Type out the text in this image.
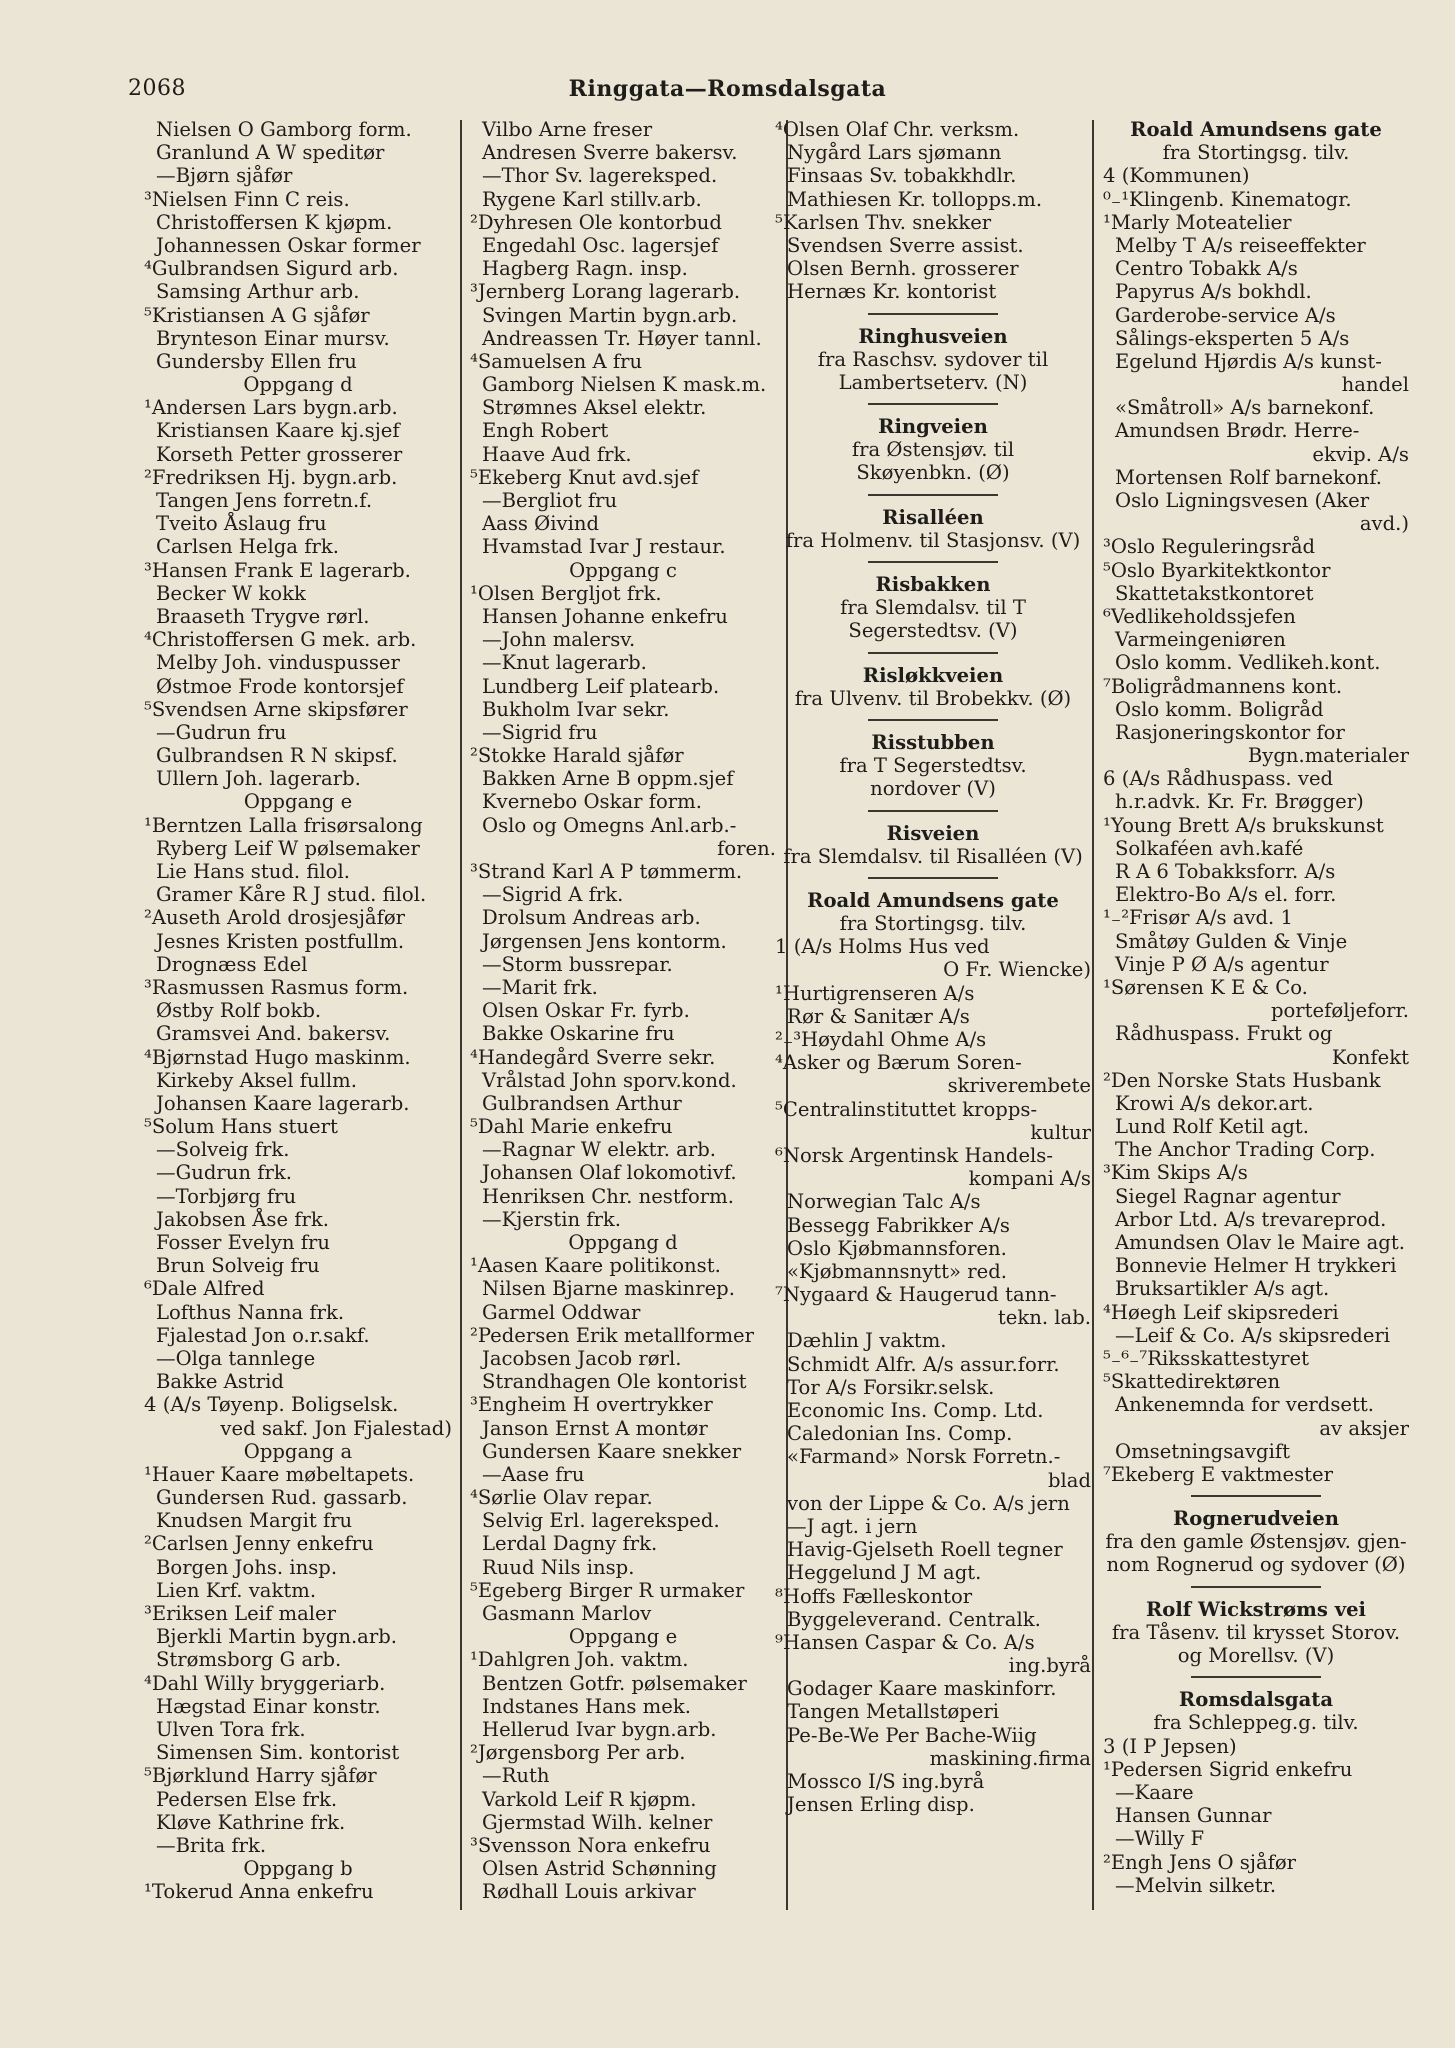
2068	Ringgata—Romsdalsgata
Nielsen O Gamborg form.
Granlund A W speditør
—Bjørn sjåfør
³Nielsen Finn C reis.
Christoffersen K kjøpm.
Johannessen Oskar former
⁴Gulbrandsen Sigurd arb.
Samsing Arthur arb.
⁵Kristiansen A G sjåfør
Brynteson Einar mursv.
Gundersby Ellen fru
Oppgang d
¹Andersen Lars bygn.arb.
Kristiansen Kaare kj.sjef
Korseth Petter grosserer
²Fredriksen Hj. bygn.arb.
Tangen Jens forretn.f.
Tveito Åslaug fru
Carlsen Helga frk.
³Hansen Frank E lagerarb.
Becker W kokk
Braaseth Trygve rørl.
⁴Christoffersen G mek. arb.
Melby Joh. vinduspusser
Østmoe Frode kontorsjef
⁵Svendsen Arne skipsfører
—Gudrun fru
Gulbrandsen R N skipsf.
Ullern Joh. lagerarb.
Oppgang e
¹Berntzen Lalla frisørsalong
Ryberg Leif W pølsemaker
Lie Hans stud. filol.
Gramer Kåre R J stud. filol.
²Auseth Arold drosjesjåfør
Jesnes Kristen postfullm.
Drognæss Edel
³Rasmussen Rasmus form.
Østby Rolf bokb.
Gramsvei And. bakersv.
⁴Bjørnstad Hugo maskinm.
Kirkeby Aksel fullm.
Johansen Kaare lagerarb.
⁵Solum Hans stuert
—Solveig frk.
—Gudrun frk.
—Torbjørg fru
Jakobsen Åse frk.
Fosser Evelyn fru
Brun Solveig fru
⁶Dale Alfred
Lofthus Nanna frk.
Fjalestad Jon o.r.sakf.
—Olga tannlege
Bakke Astrid
4 (A/s Tøyenp. Boligselsk.
ved sakf. Jon Fjalestad)
Oppgang a
¹Hauer Kaare møbeltapets.
Gundersen Rud. gassarb.
Knudsen Margit fru
²Carlsen Jenny enkefru
Borgen Johs. insp.
Lien Krf. vaktm.
³Eriksen Leif maler
Bjerkli Martin bygn.arb.
Strømsborg G arb.
⁴Dahl Willy bryggeriarb.
Hægstad Einar konstr.
Ulven Tora frk.
Simensen Sim. kontorist
⁵Bjørklund Harry sjåfør
Pedersen Else frk.
Kløve Kathrine frk.
—Brita frk.
Oppgang b
¹Tokerud Anna enkefru
Vilbo Arne freser
Andresen Sverre bakersv.
—Thor Sv. lagereksped.
Rygene Karl stillv.arb.
²Dyhresen Ole kontorbud
Engedahl Osc. lagersjef
Hagberg Ragn. insp.
³Jernberg Lorang lagerarb.
Svingen Martin bygn.arb.
Andreassen Tr. Høyer tannl.
⁴Samuelsen A fru
Gamborg Nielsen K mask.m.
Strømnes Aksel elektr.
Engh Robert
Haave Aud frk.
⁵Ekeberg Knut avd.sjef
—Bergliot fru
Aass Øivind
Hvamstad Ivar J restaur.
Oppgang c
¹Olsen Bergljot frk.
Hansen Johanne enkefru
—John malersv.
—Knut lagerarb.
Lundberg Leif platearb.
Bukholm Ivar sekr.
—Sigrid fru
²Stokke Harald sjåfør
Bakken Arne B oppm.sjef
Kvernebo Oskar form.
Oslo og Omegns Anl.arb.-
foren.
³Strand Karl A P tømmerm.
—Sigrid A frk.
Drolsum Andreas arb.
Jørgensen Jens kontorm.
—Storm bussrepar.
—Marit frk.
Olsen Oskar Fr. fyrb.
Bakke Oskarine fru
⁴Handegård Sverre sekr.
Vrålstad John sporv.kond.
Gulbrandsen Arthur
⁵Dahl Marie enkefru
—Ragnar W elektr. arb.
Johansen Olaf lokomotivf.
Henriksen Chr. nestform.
—Kjerstin frk.
Oppgang d
¹Aasen Kaare politikonst.
Nilsen Bjarne maskinrep.
Garmel Oddwar
²Pedersen Erik metallformer
Jacobsen Jacob rørl.
Strandhagen Ole kontorist
³Engheim H overtrykker
Janson Ernst A montør
Gundersen Kaare snekker
—Aase fru
⁴Sørlie Olav repar.
Selvig Erl. lagereksped.
Lerdal Dagny frk.
Ruud Nils insp.
⁵Egeberg Birger R urmaker
Gasmann Marlov
Oppgang e
¹Dahlgren Joh. vaktm.
Bentzen Gotfr. pølsemaker
Indstanes Hans mek.
Hellerud Ivar bygn.arb.
²Jørgensborg Per arb.
—Ruth
Varkold Leif R kjøpm.
Gjermstad Wilh. kelner
³Svensson Nora enkefru
Olsen Astrid Schønning
Rødhall Louis arkivar
⁴Olsen Olaf Chr. verksm.
Nygård Lars sjømann
Finsaas Sv. tobakkhdlr.
Mathiesen Kr. tollopps.m.
⁵Karlsen Thv. snekker
Svendsen Sverre assist.
Olsen Bernh. grosserer
Hernæs Kr. kontorist
Ringhusveien
fra Raschsv. sydover til
Lambertseterv. (N)
Ringveien
fra Østensjøv. til
Skøyenbkn. (Ø)
Risalléen
fra Holmenv. til Stasjonsv. (V)
Risbakken
fra Slemdalsv. til T
Segerstedtsv. (V)
Risløkkveien
fra Ulvenv. til Brobekkv. (Ø)
Risstubben
fra T Segerstedtsv.
nordover (V)
Risveien
fra Slemdalsv. til Risalléen (V)
Roald Amundsens gate
fra Stortingsg. tilv.
1 (A/s Holms Hus ved
O Fr. Wiencke)
¹Hurtigrenseren A/s
Rør & Sanitær A/s
²₋³Høydahl Ohme A/s
⁴Asker og Bærum Soren-
skriverembete
⁵Centralinstituttet kropps-
kultur
⁶Norsk Argentinsk Handels-
kompani A/s
Norwegian Talc A/s
Bessegg Fabrikker A/s
Oslo Kjøbmannsforen.
«Kjøbmannsnytt» red.
⁷Nygaard & Haugerud tann-
tekn. lab.
Dæhlin J vaktm.
Schmidt Alfr. A/s assur.forr.
Tor A/s Forsikr.selsk.
Economic Ins. Comp. Ltd.
Caledonian Ins. Comp.
«Farmand» Norsk Forretn.-
blad
von der Lippe & Co. A/s jern
—J agt. i jern
Havig-Gjelseth Roell tegner
Heggelund J M agt.
⁸Hoffs Fælleskontor
Byggeleverand. Centralk.
⁹Hansen Caspar & Co. A/s
ing.byrå
Godager Kaare maskinforr.
Tangen Metallstøperi
Pe-Be-We Per Bache-Wiig
maskining.firma
Mossco I/S ing.byrå
Jensen Erling disp.
Roald Amundsens gate
fra Stortingsg. tilv.
4 (Kommunen)
⁰₋¹Klingenb. Kinematogr.
¹Marly Moteatelier
Melby T A/s reiseeffekter
Centro Tobakk A/s
Papyrus A/s bokhdl.
Garderobe-service A/s
Sålings-eksperten 5 A/s
Egelund Hjørdis A/s kunst-
handel
«Småtroll» A/s barnekonf.
Amundsen Brødr. Herre-
ekvip. A/s
Mortensen Rolf barnekonf.
Oslo Ligningsvesen (Aker
avd.)
³Oslo Reguleringsråd
⁵Oslo Byarkitektkontor
Skattetakstkontoret
⁶Vedlikeholdssjefen
Varmeingeniøren
Oslo komm. Vedlikeh.kont.
⁷Boligrådmannens kont.
Oslo komm. Boligråd
Rasjoneringskontor for
Bygn.materialer
6 (A/s Rådhuspass. ved
h.r.advk. Kr. Fr. Brøgger)
¹Young Brett A/s brukskunst
Solkaféen avh.kafé
R A 6 Tobakksforr. A/s
Elektro-Bo A/s el. forr.
¹₋²Frisør A/s avd. 1
Småtøy Gulden & Vinje
Vinje P Ø A/s agentur
¹Sørensen K E & Co.
porteføljeforr.
Rådhuspass. Frukt og
Konfekt
²Den Norske Stats Husbank
Krowi A/s dekor.art.
Lund Rolf Ketil agt.
The Anchor Trading Corp.
³Kim Skips A/s
Siegel Ragnar agentur
Arbor Ltd. A/s trevareprod.
Amundsen Olav le Maire agt.
Bonnevie Helmer H trykkeri
Bruksartikler A/s agt.
⁴Høegh Leif skipsrederi
—Leif & Co. A/s skipsrederi
⁵₋⁶₋⁷Riksskattestyret
⁵Skattedirektøren
Ankenemnda for verdsett.
av aksjer
Omsetningsavgift
⁷Ekeberg E vaktmester
Rognerudveien
fra den gamle Østensjøv. gjen-
nom Rognerud og sydover (Ø)
Rolf Wickstrøms vei
fra Tåsenv. til krysset Storov.
og Morellsv. (V)
Romsdalsgata
fra Schleppeg.g. tilv.
3 (I P Jepsen)
¹Pedersen Sigrid enkefru
—Kaare
Hansen Gunnar
—Willy F
²Engh Jens O sjåfør
—Melvin silketr.
